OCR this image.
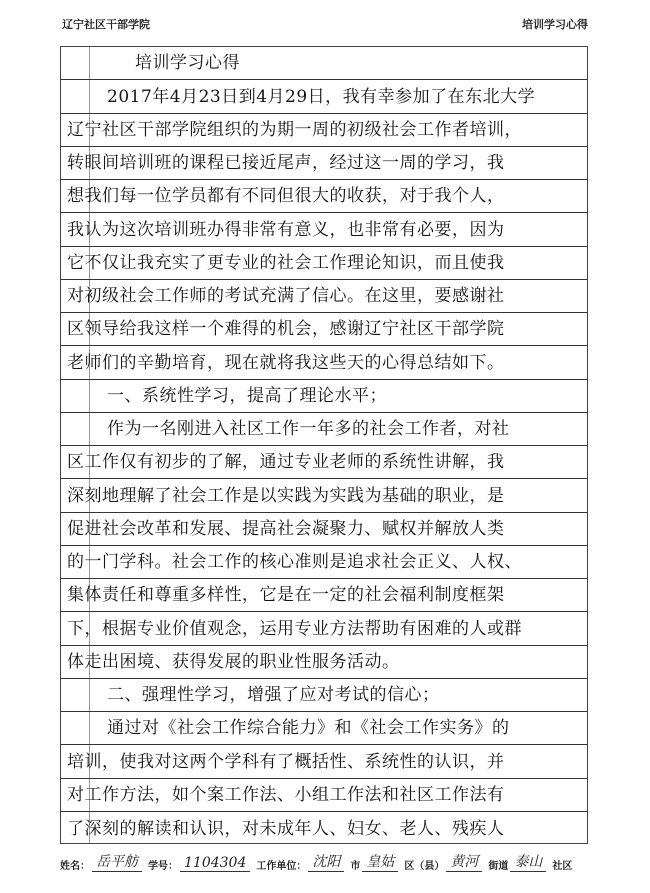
辽宁社区干部学院	培训学习心得
培训学习心得
2017年4月23日到4月29日，我有幸参加了在东北大学
辽宁社区干部学院组织的为期一周的初级社会工作者培训，
转眼间培训班的课程已接近尾声，经过这一周的学习，我
想我们每一位学员都有不同但很大的收获，对于我个人，
我认为这次培训班办得非常有意义，也非常有必要，因为
它不仅让我充实了更专业的社会工作理论知识，而且使我
对初级社会工作师的考试充满了信心。在这里，要感谢社
区领导给我这样一个难得的机会，感谢辽宁社区干部学院
老师们的辛勤培育，现在就将我这些天的心得总结如下。
一、系统性学习，提高了理论水平；
作为一名刚进入社区工作一年多的社会工作者，对社
区工作仅有初步的了解，通过专业老师的系统性讲解，我
深刻地理解了社会工作是以实践为实践为基础的职业，是
促进社会改革和发展、提高社会凝聚力、赋权并解放人类
的一门学科。社会工作的核心准则是追求社会正义、人权、
集体责任和尊重多样性，它是在一定的社会福利制度框架
下，根据专业价值观念，运用专业方法帮助有困难的人或群
体走出困境、获得发展的职业性服务活动。
二、强理性学习，增强了应对考试的信心；
通过对《社会工作综合能力》和《社会工作实务》的
培训，使我对这两个学科有了概括性、系统性的认识，并
对工作方法，如个案工作法、小组工作法和社区工作法有
了深刻的解读和认识，对未成年人、妇女、老人、残疾人
姓名： 岳平舫	学号： 1104304	工作单位： 沈阳	市 皇姑	区（县） 黄河	街道 泰山	社区
